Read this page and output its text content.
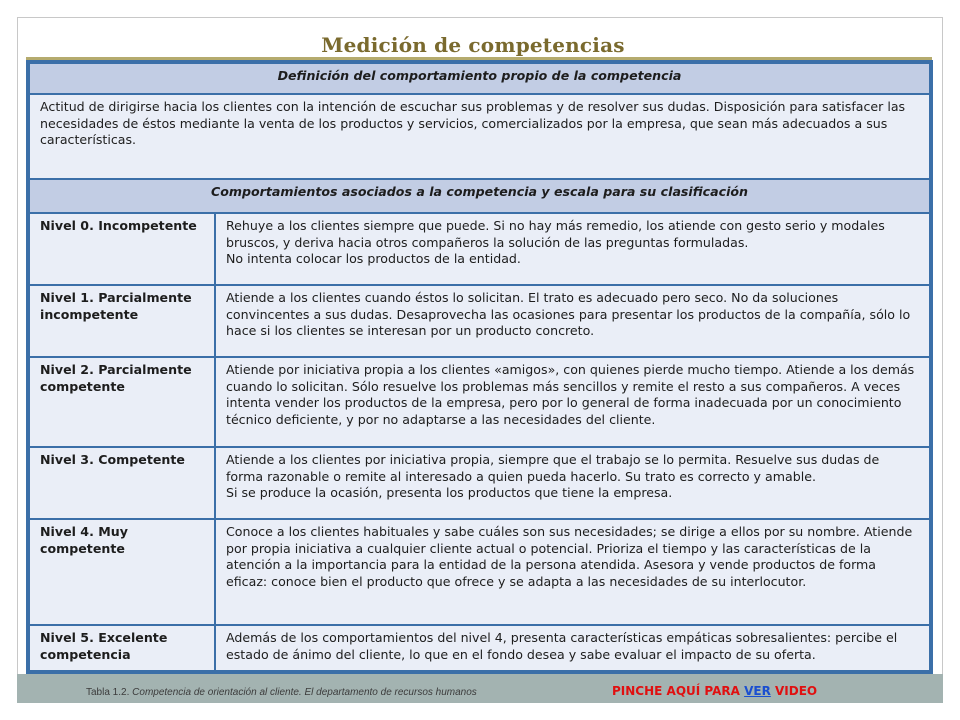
Medición de competencias
Definición del comportamiento propio de la competencia	
Actitud de dirigirse hacia los clientes con la intención de escuchar sus problemas y de resolver sus dudas. Disposición para satisfacer las necesidades de éstos mediante la venta de los productos y servicios, comercializados por la empresa, que sean más adecuados a sus características.	
Comportamientos asociados a la competencia y escala para su clasificación	
Nivel 0. Incompetente	Rehuye a los clientes siempre que puede. Si no hay más remedio, los atiende con gesto serio y modales bruscos, y deriva hacia otros compañeros la solución de las preguntas formuladas.
No intenta colocar los productos de la entidad.

Nivel 1. Parcialmente incompetente	Atiende a los clientes cuando éstos lo solicitan. El trato es adecuado pero seco. No da soluciones convincentes a sus dudas. Desaprovecha las ocasiones para presentar los productos de la compañía, sólo lo hace si los clientes se interesan por un producto concreto.

Nivel 2. Parcialmente competente	Atiende por iniciativa propia a los clientes «amigos», con quienes pierde mucho tiempo. Atiende a los demás cuando lo solicitan. Sólo resuelve los problemas más sencillos y remite el resto a sus compañeros. A veces intenta vender los productos de la empresa, pero por lo general de forma inadecuada por un conocimiento técnico deficiente, y por no adaptarse a las necesidades del cliente.

Nivel 3. Competente	Atiende a los clientes por iniciativa propia, siempre que el trabajo se lo permita. Resuelve sus dudas de forma razonable o remite al interesado a quien pueda hacerlo. Su trato es correcto y amable.
Si se produce la ocasión, presenta los productos que tiene la empresa.

Nivel 4. Muy competente	Conoce a los clientes habituales y sabe cuáles son sus necesidades; se dirige a ellos por su nombre. Atiende por propia iniciativa a cualquier cliente actual o potencial. Prioriza el tiempo y las características de la atención a la importancia para la entidad de la persona atendida. Asesora y vende productos de forma eficaz: conoce bien el producto que ofrece y se adapta a las necesidades de su interlocutor.

Nivel 5. Excelente competencia	Además de los comportamientos del nivel 4, presenta características empáticas sobresalientes: percibe el estado de ánimo del cliente, lo que en el fondo desea y sabe evaluar el impacto de su oferta.
Tabla 1.2. Competencia de orientación al cliente. El departamento de recursos humanos	PINCHE AQUÍ PARA VER VIDEO
